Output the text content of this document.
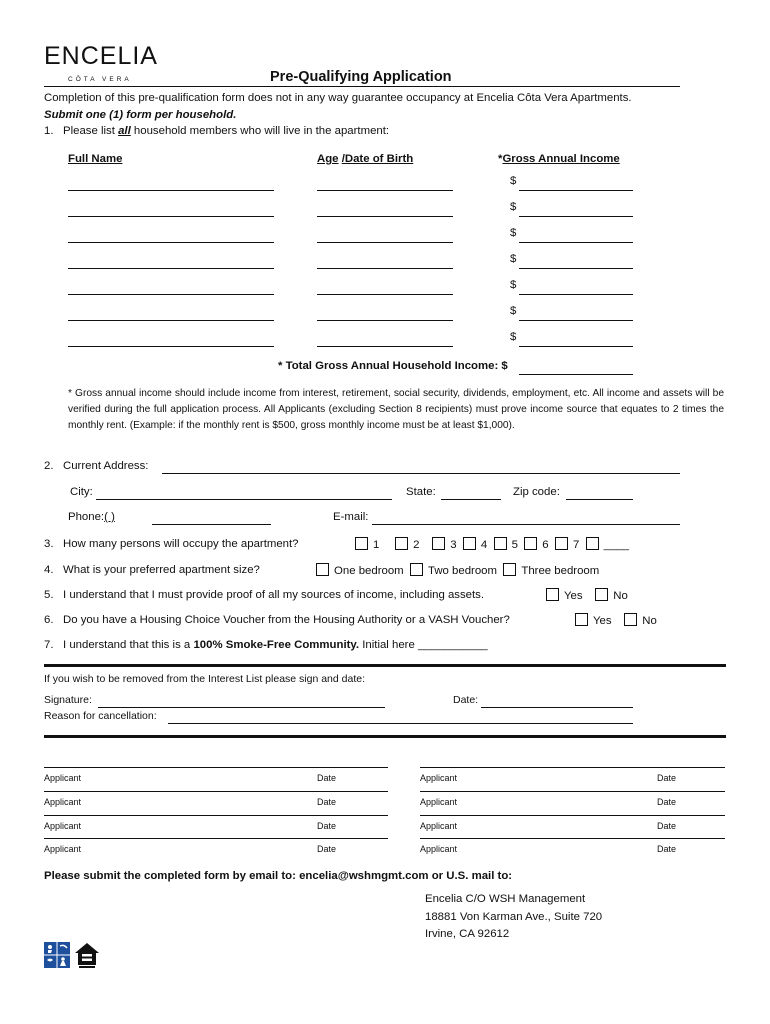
ENCELIA
CÔTA VERA	Pre-Qualifying Application
Completion of this pre-qualification form does not in any way guarantee occupancy at Encelia Côta Vera Apartments.
Submit one (1) form per household.
1. Please list all household members who will live in the apartment:
Full Name	Age /Date of Birth	*Gross Annual Income
$
$
$
$
$
$
$
* Total Gross Annual Household Income: $
* Gross annual income should include income from interest, retirement, social security, dividends, employment, etc. All income and assets will be verified during the full application process. All Applicants (excluding Section 8 recipients) must prove income source that equates to 2 times the monthly rent. (Example: if the monthly rent is $500, gross monthly income must be at least $1,000).
2. Current Address:
City:	State:	Zip code:
Phone:( )	E-mail:
3. How many persons will occupy the apartment?	1	2	3 4 5 6 7 ____
4. What is your preferred apartment size?	One bedroom Two bedroom Three bedroom
5. I understand that I must provide proof of all my sources of income, including assets.	Yes	No
6. Do you have a Housing Choice Voucher from the Housing Authority or a VASH Voucher?	Yes	No
7. I understand that this is a 100% Smoke-Free Community. Initial here ___________
If you wish to be removed from the Interest List please sign and date:
Signature:	Date:
Reason for cancellation:
Applicant	Date	Applicant	Date
Applicant	Date	Applicant	Date
Applicant	Date	Applicant	Date
Applicant	Date	Applicant	Date
Please submit the completed form by email to: encelia@wshmgmt.com or U.S. mail to:
Encelia C/O WSH Management
18881 Von Karman Ave., Suite 720
Irvine, CA 92612
